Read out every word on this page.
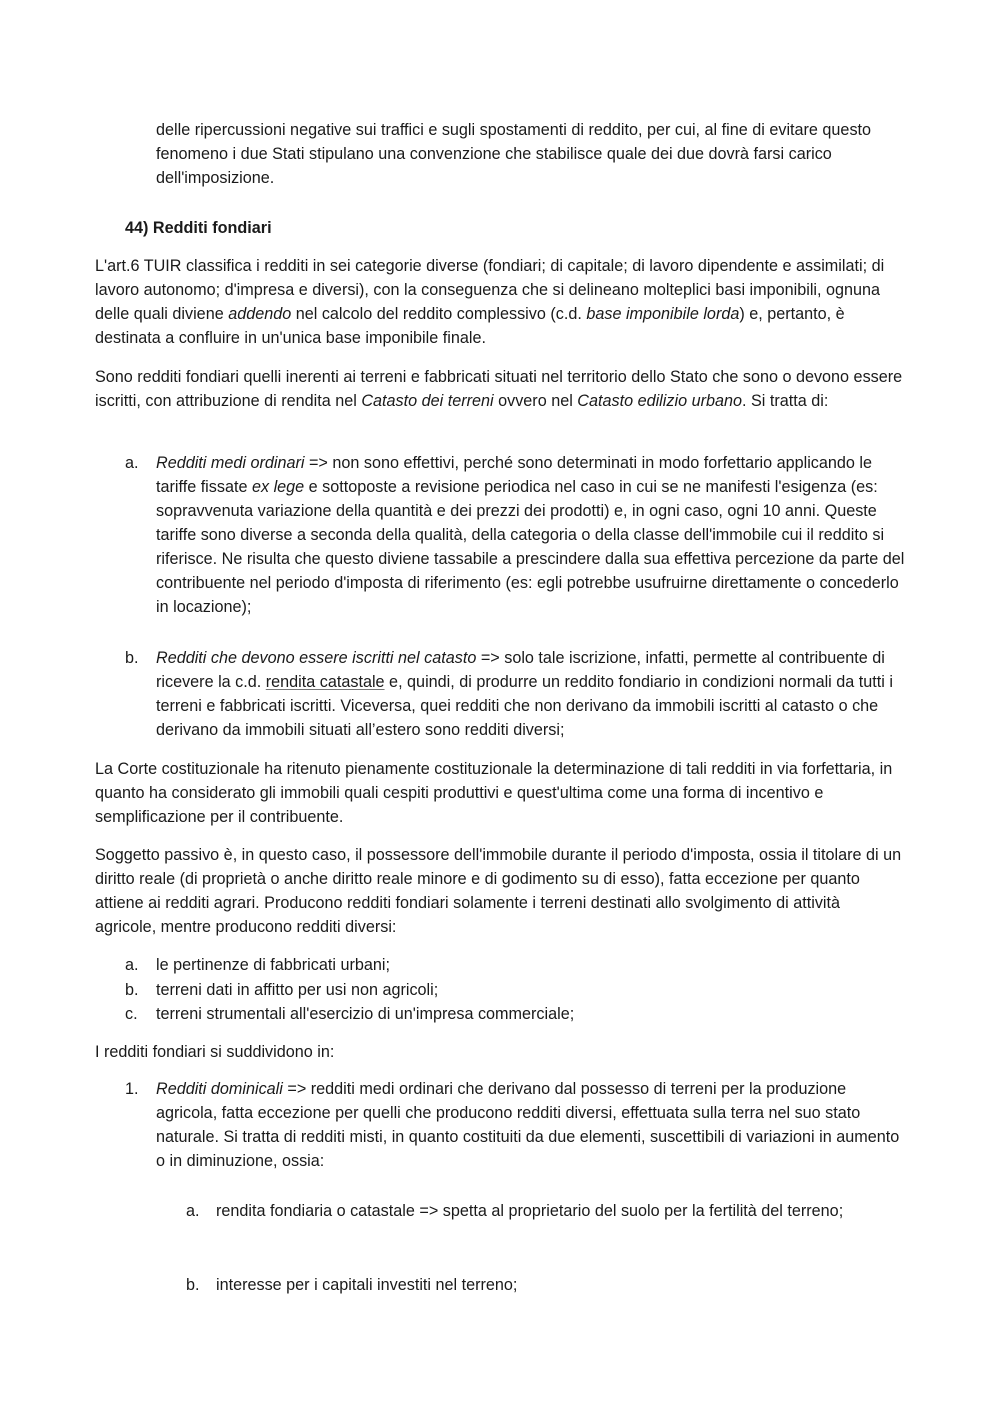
delle ripercussioni negative sui traffici e sugli spostamenti di reddito, per cui, al fine di evitare questo fenomeno i due Stati stipulano una convenzione che stabilisce quale dei due dovrà farsi carico dell'imposizione.

44) Redditi fondiari

L'art.6 TUIR classifica i redditi in sei categorie diverse (fondiari; di capitale; di lavoro dipendente e assimilati; di lavoro autonomo; d'impresa e diversi), con la conseguenza che si delineano molteplici basi imponibili, ognuna delle quali diviene addendo nel calcolo del reddito complessivo (c.d. base imponibile lorda) e, pertanto, è destinata a confluire in un'unica base imponibile finale.

Sono redditi fondiari quelli inerenti ai terreni e fabbricati situati nel territorio dello Stato che sono o devono essere iscritti, con attribuzione di rendita nel Catasto dei terreni ovvero nel Catasto edilizio urbano. Si tratta di:

a. Redditi medi ordinari => non sono effettivi, perché sono determinati in modo forfettario applicando le tariffe fissate ex lege e sottoposte a revisione periodica nel caso in cui se ne manifesti l'esigenza (es: sopravvenuta variazione della quantità e dei prezzi dei prodotti) e, in ogni caso, ogni 10 anni. Queste tariffe sono diverse a seconda della qualità, della categoria o della classe dell'immobile cui il reddito si riferisce. Ne risulta che questo diviene tassabile a prescindere dalla sua effettiva percezione da parte del contribuente nel periodo d'imposta di riferimento (es: egli potrebbe usufruirne direttamente o concederlo in locazione);

b. Redditi che devono essere iscritti nel catasto => solo tale iscrizione, infatti, permette al contribuente di ricevere la c.d. rendita catastale e, quindi, di produrre un reddito fondiario in condizioni normali da tutti i terreni e fabbricati iscritti. Viceversa, quei redditi che non derivano da immobili iscritti al catasto o che derivano da immobili situati all’estero sono redditi diversi;

La Corte costituzionale ha ritenuto pienamente costituzionale la determinazione di tali redditi in via forfettaria, in quanto ha considerato gli immobili quali cespiti produttivi e quest'ultima come una forma di incentivo e semplificazione per il contribuente.

Soggetto passivo è, in questo caso, il possessore dell'immobile durante il periodo d'imposta, ossia il titolare di un diritto reale (di proprietà o anche diritto reale minore e di godimento su di esso), fatta eccezione per quanto attiene ai redditi agrari. Producono redditi fondiari solamente i terreni destinati allo svolgimento di attività agricole, mentre producono redditi diversi:

a. le pertinenze di fabbricati urbani;

b. terreni dati in affitto per usi non agricoli;

c. terreni strumentali all'esercizio di un'impresa commerciale;

I redditi fondiari si suddividono in:

1. Redditi dominicali => redditi medi ordinari che derivano dal possesso di terreni per la produzione agricola, fatta eccezione per quelli che producono redditi diversi, effettuata sulla terra nel suo stato naturale. Si tratta di redditi misti, in quanto costituiti da due elementi, suscettibili di variazioni in aumento o in diminuzione, ossia:

a. rendita fondiaria o catastale => spetta al proprietario del suolo per la fertilità del terreno;

b. interesse per i capitali investiti nel terreno;
